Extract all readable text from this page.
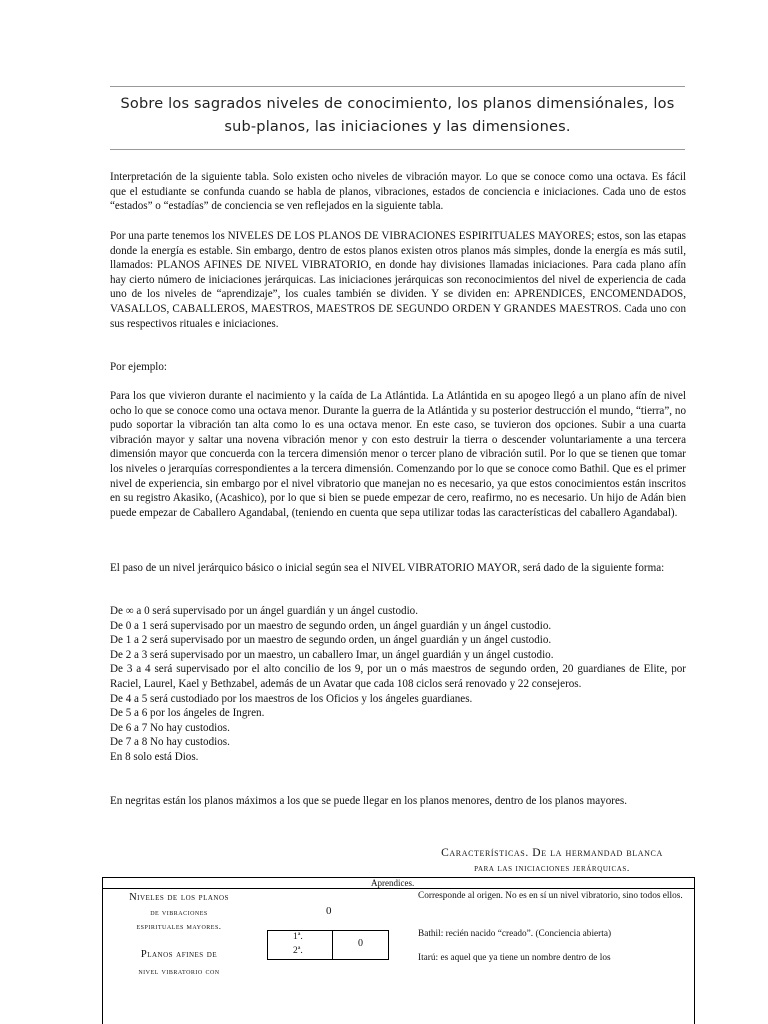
Sobre los sagrados niveles de conocimiento, los planos dimensiónales, los sub-planos, las iniciaciones y las dimensiones.

Interpretación de la siguiente tabla. Solo existen ocho niveles de vibración mayor. Lo que se conoce como una octava. Es fácil que el estudiante se confunda cuando se habla de planos, vibraciones, estados de conciencia e iniciaciones. Cada uno de estos “estados” o “estadías” de conciencia se ven reflejados en la siguiente tabla.

Por una parte tenemos los NIVELES DE LOS PLANOS DE VIBRACIONES ESPIRITUALES MAYORES; estos, son las etapas donde la energía es estable. Sin embargo, dentro de estos planos existen otros planos más simples, donde la energía es más sutil, llamados: PLANOS AFINES DE NIVEL VIBRATORIO, en donde hay divisiones llamadas iniciaciones. Para cada plano afín hay cierto número de iniciaciones jerárquicas. Las iniciaciones jerárquicas son reconocimientos del nivel de experiencia de cada uno de los niveles de “aprendizaje”, los cuales también se dividen. Y se dividen en: APRENDICES, ENCOMENDADOS, VASALLOS, CABALLEROS, MAESTROS, MAESTROS DE SEGUNDO ORDEN Y GRANDES MAESTROS. Cada uno con sus respectivos rituales e iniciaciones.

Por ejemplo:

Para los que vivieron durante el nacimiento y la caída de La Atlántida. La Atlántida en su apogeo llegó a un plano afín de nivel ocho lo que se conoce como una octava menor. Durante la guerra de la Atlántida y su posterior destrucción el mundo, “tierra”, no pudo soportar la vibración tan alta como lo es una octava menor. En este caso, se tuvieron dos opciones. Subir a una cuarta vibración mayor y saltar una novena vibración menor y con esto destruir la tierra o descender voluntariamente a una tercera dimensión mayor que concuerda con la tercera dimensión menor o tercer plano de vibración sutil. Por lo que se tienen que tomar los niveles o jerarquías correspondientes a la tercera dimensión. Comenzando por lo que se conoce como Bathil. Que es el primer nivel de experiencia, sin embargo por el nivel vibratorio que manejan no es necesario, ya que estos conocimientos están inscritos en su registro Akasiko, (Acashico), por lo que si bien se puede empezar de cero, reafirmo, no es necesario. Un hijo de Adán bien puede empezar de Caballero Agandabal, (teniendo en cuenta que sepa utilizar todas las características del caballero Agandabal).

El paso de un nivel jerárquico básico o inicial según sea el NIVEL VIBRATORIO MAYOR, será dado de la siguiente forma:

De ∞ a 0 será supervisado por un ángel guardián y un ángel custodio.
De 0 a 1 será supervisado por un maestro de segundo orden, un ángel guardián y un ángel custodio.
De 1 a 2 será supervisado por un maestro de segundo orden, un ángel guardián y un ángel custodio.
De 2 a 3 será supervisado por un maestro, un caballero Imar, un ángel guardián y un ángel custodio.
De 3 a 4 será supervisado por el alto concilio de los 9, por un o más maestros de segundo orden, 20 guardianes de Elite, por Raciel, Laurel, Kael y Bethzabel, además de un Avatar que cada 108 ciclos será renovado y 22 consejeros.
De 4 a 5 será custodiado por los maestros de los Oficios y los ángeles guardianes.
De 5 a 6 por los ángeles de Ingren.
De 6 a 7 No hay custodios.
De 7 a 8 No hay custodios.
En 8 solo está Dios.

En negritas están los planos máximos a los que se puede llegar en los planos menores, dentro de los planos mayores.

Características. De la hermandad blanca
para las iniciaciones jerárquicas.
Aprendices.
Niveles de los planos
de vibraciones
espirituales mayores.
0
Planos afines de
nivel vibratorio con
1ª.
2ª.
0
Corresponde al origen. No es en sí un nivel vibratorio, sino todos ellos.
Bathil: recién nacido “creado”. (Conciencia abierta)
Itarú: es aquel que ya tiene un nombre dentro de los
